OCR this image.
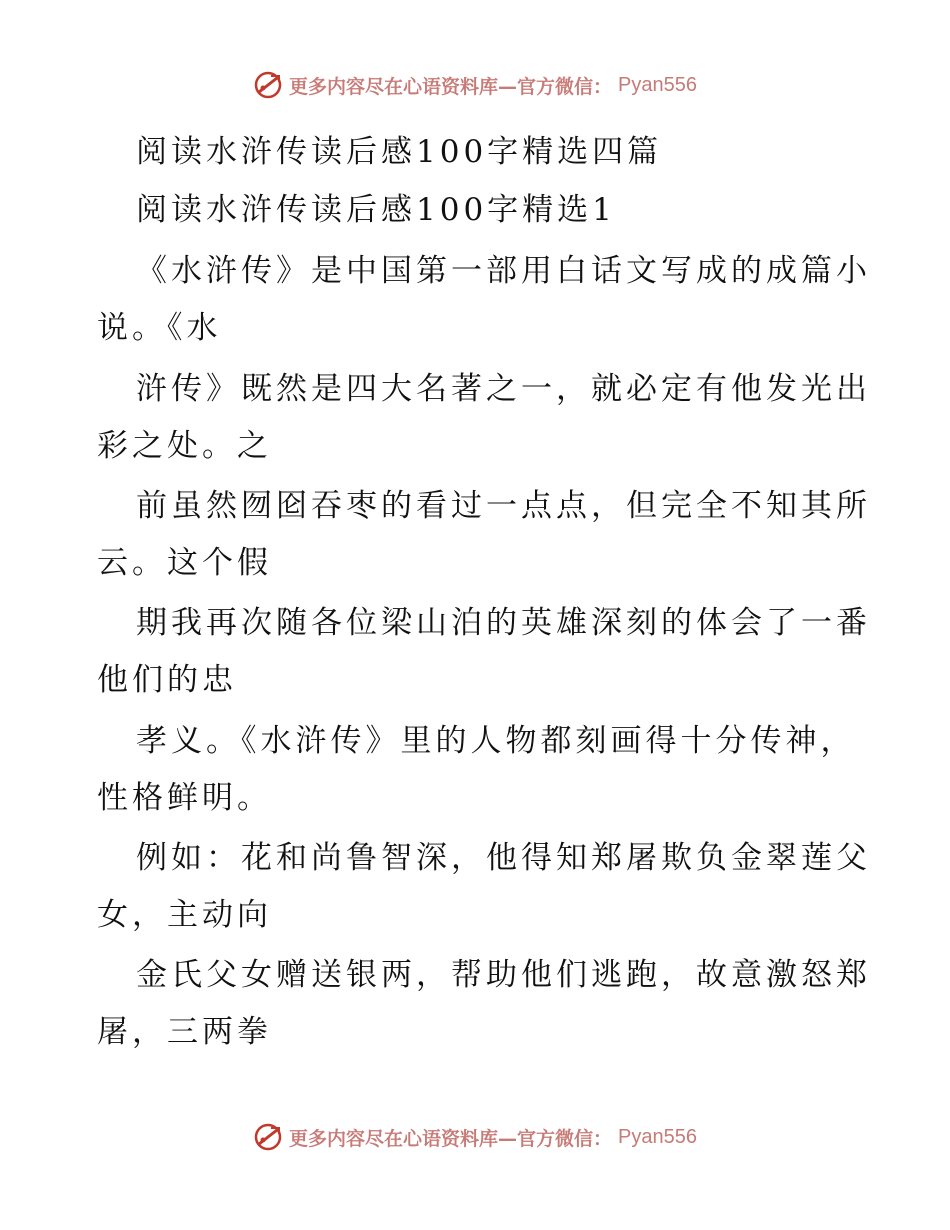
更多内容尽在心语资料库—官方微信： Pyan556
阅读水浒传读后感100字精选四篇
阅读水浒传读后感100字精选1
《水浒传》是中国第一部用白话文写成的成篇小
说。《水
浒传》既然是四大名著之一，就必定有他发光出
彩之处。之
前虽然囫囵吞枣的看过一点点，但完全不知其所
云。这个假
期我再次随各位梁山泊的英雄深刻的体会了一番
他们的忠
孝义。《水浒传》里的人物都刻画得十分传神，
性格鲜明。
例如：花和尚鲁智深，他得知郑屠欺负金翠莲父
女，主动向
金氏父女赠送银两，帮助他们逃跑，故意激怒郑
屠，三两拳
更多内容尽在心语资料库—官方微信： Pyan556
